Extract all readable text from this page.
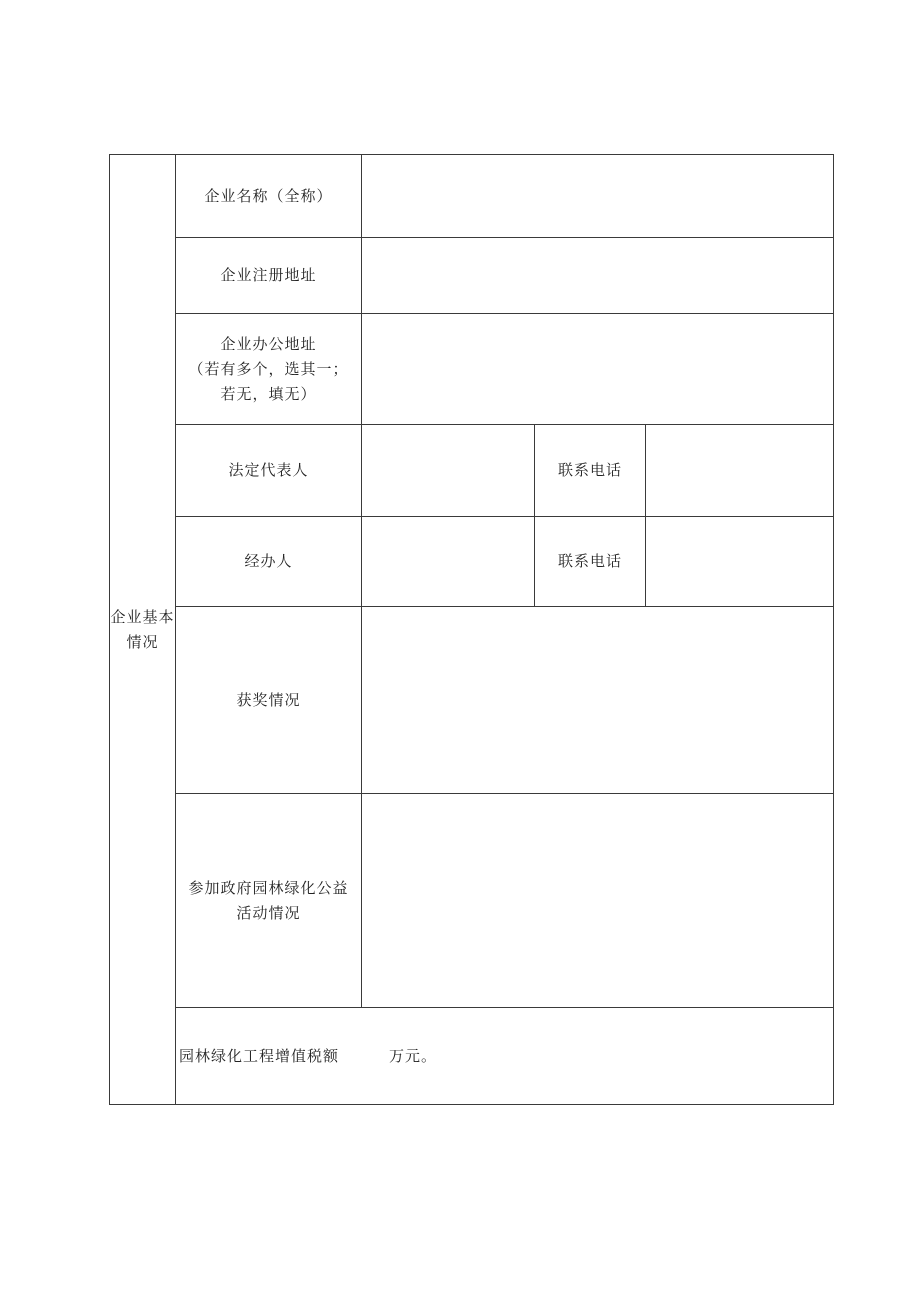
企业基本情况	企业名称（全称）			

	企业注册地址			

	企业办公地址
（若有多个，选其一；
若无，填无）			

	法定代表人		联系电话	

	经办人		联系电话	

	获奖情况			

	参加政府园林绿化公益
活动情况			

	园林绿化工程增值税额 万元。			
